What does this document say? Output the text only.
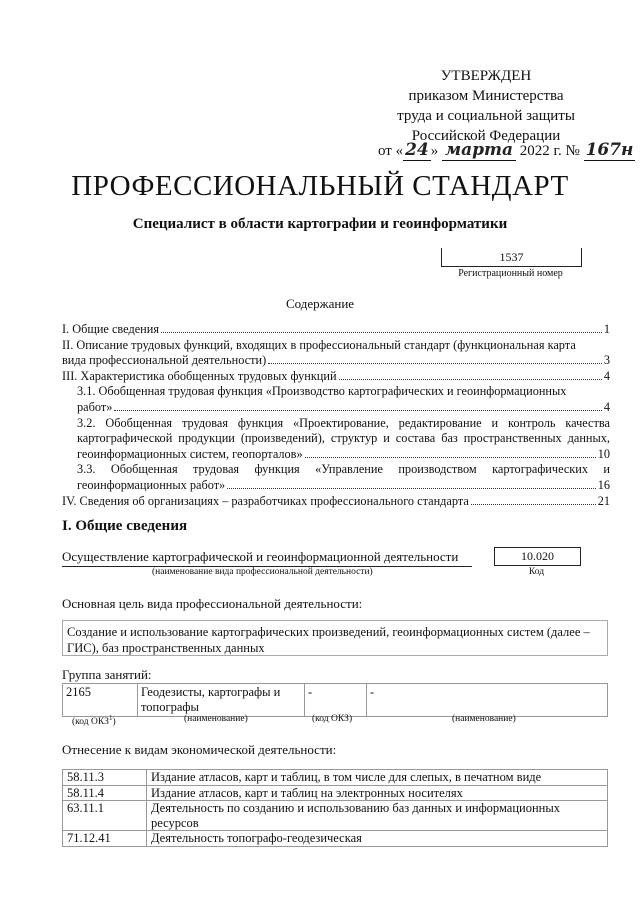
УТВЕРЖДЕН
приказом Министерства
труда и социальной защиты
Российской Федерации
от « 24 » марта 2022 г. № 167н
ПРОФЕССИОНАЛЬНЫЙ СТАНДАРТ
Специалист в области картографии и геоинформатики
1537
Регистрационный номер
Содержание
I. Общие сведения	1
II. Описание трудовых функций, входящих в профессиональный стандарт (функциональная карта
вида профессиональной деятельности)	3
III. Характеристика обобщенных трудовых функций	4
3.1. Обобщенная трудовая функция «Производство картографических и геоинформационных
работ»	4
3.2. Обобщенная трудовая функция «Проектирование, редактирование и контроль качества картографической продукции (произведений), структур и состава баз пространственных данных,
геоинформационных систем, геопорталов»	10
3.3. Обобщенная трудовая функция «Управление производством картографических и
геоинформационных работ»	16
IV. Сведения об организациях – разработчиках профессионального стандарта	21
I. Общие сведения
Осуществление картографической и геоинформационной деятельности
(наименование вида профессиональной деятельности)
10.020
Код
Основная цель вида профессиональной деятельности:
Создание и использование картографических произведений, геоинформационных систем (далее – ГИС), баз пространственных данных
Группа занятий:
2165	Геодезисты, картографы и топографы	-	-
(код ОКЗ$^1$)	(наименование)	(код ОКЗ)	(наименование)
Отнесение к видам экономической деятельности:
58.11.3	Издание атласов, карт и таблиц, в том числе для слепых, в печатном виде
58.11.4	Издание атласов, карт и таблиц на электронных носителях
63.11.1	Деятельность по созданию и использованию баз данных и информационных ресурсов
71.12.41	Деятельность топографо-геодезическая
